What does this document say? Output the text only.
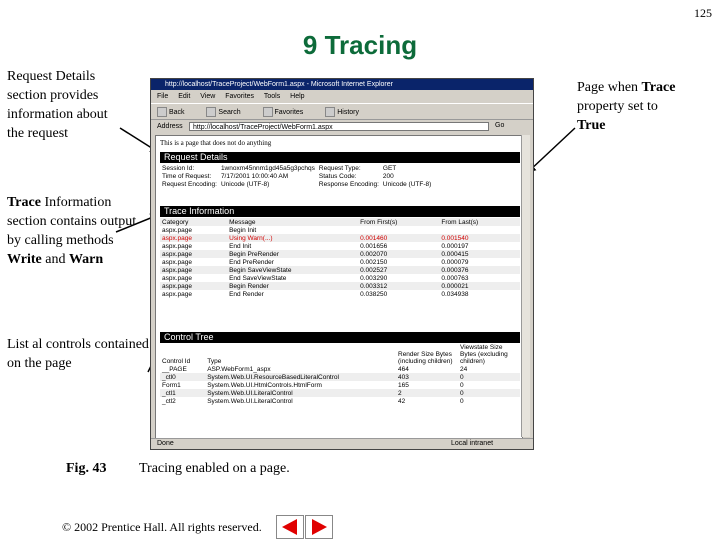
125
9 Tracing
Request Details section provides information about the request
Trace Information section contains output by calling methods Write and Warn
List al controls contained on the page
Page when Trace property set to True
http://localhost/TraceProject/WebForm1.aspx - Microsoft Internet Explorer
File Edit View Favorites Tools Help
Back	Search	Favorites	History
Address	http://localhost/TraceProject/WebForm1.aspx	Go
This is a page that does not do anything
Request Details
Session Id:	1wnoxm45nnm1gd45a5g3pchqs	Request Type:	GET
Time of Request:	7/17/2001 10:00:40 AM	Status Code:	200
Request Encoding:	Unicode (UTF-8)	Response Encoding:	Unicode (UTF-8)
Trace Information
Category	Message	From First(s)	From Last(s)
aspx.page	Begin Init		
aspx.page	Using Warn(...)	0.001460	0.001540
aspx.page	End Init	0.001656	0.000197
aspx.page	Begin PreRender	0.002070	0.000415
aspx.page	End PreRender	0.002150	0.000079
aspx.page	Begin SaveViewState	0.002527	0.000376
aspx.page	End SaveViewState	0.003290	0.000763
aspx.page	Begin Render	0.003312	0.000021
aspx.page	End Render	0.038250	0.034938
Control Tree
Control Id	Type	Render Size Bytes (including children)	Viewstate Size Bytes (excluding children)
__PAGE	ASP.WebForm1_aspx	464	24
_ctl0	System.Web.UI.ResourceBasedLiteralControl	403	0
Form1	System.Web.UI.HtmlControls.HtmlForm	165	0
_ctl1	System.Web.UI.LiteralControl	2	0
_ctl2	System.Web.UI.LiteralControl	42	0
Done	Local intranet
Fig. 43 Tracing enabled on a page.
© 2002 Prentice Hall. All rights reserved.
